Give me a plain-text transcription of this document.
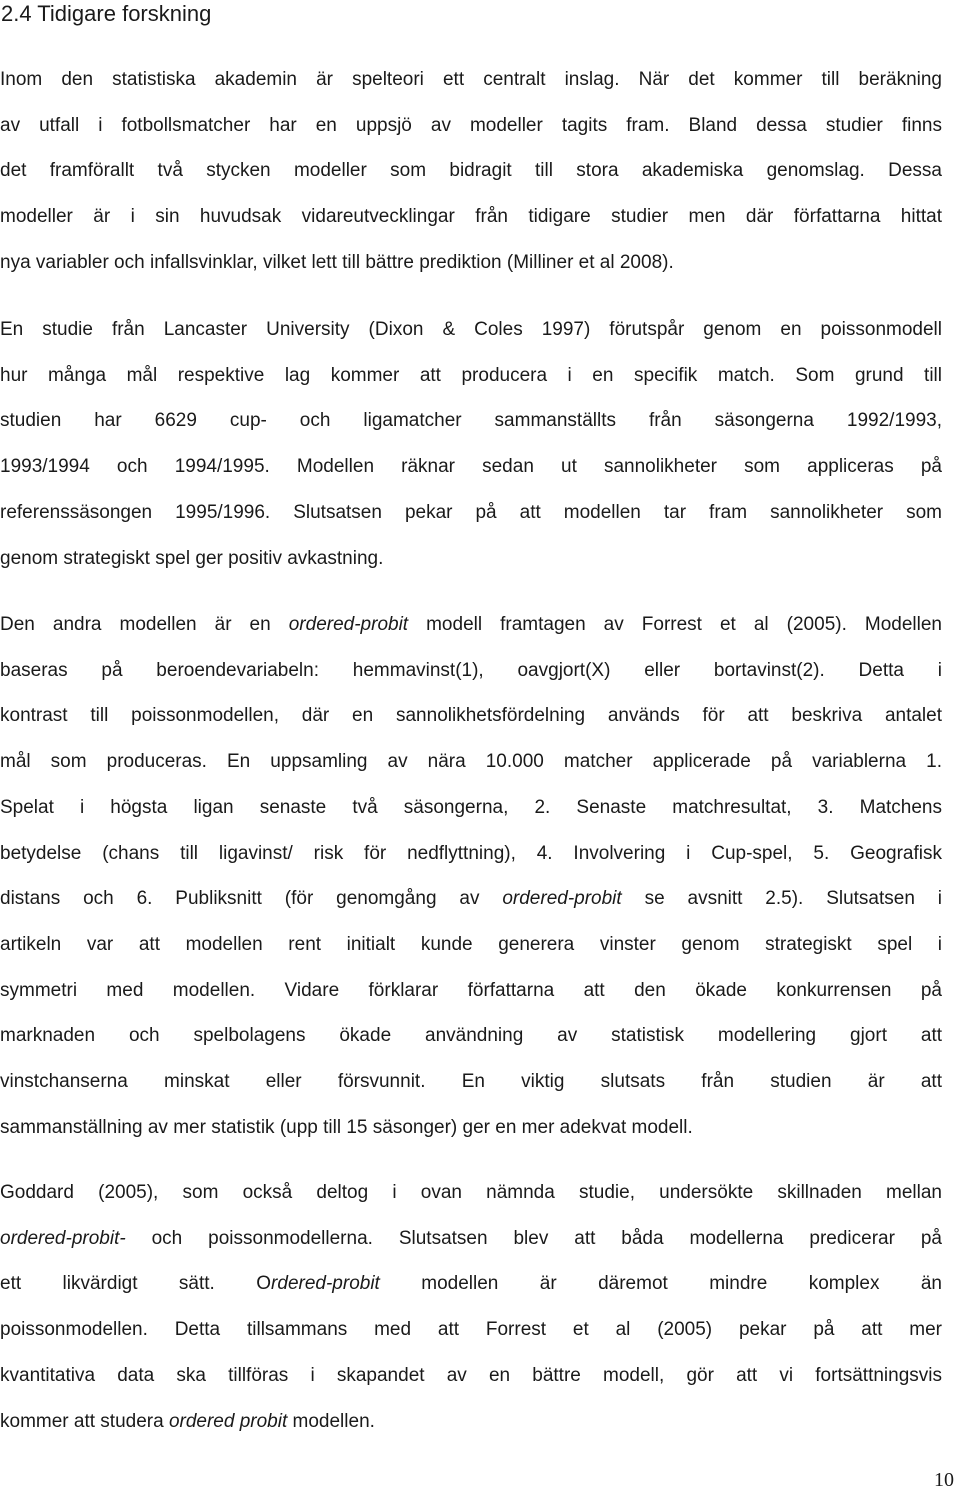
2.4 Tidigare forskning

Inom den statistiska akademin är spelteori ett centralt inslag. När det kommer till beräkning
av utfall i fotbollsmatcher har en uppsjö av modeller tagits fram. Bland dessa studier finns
det framförallt två stycken modeller som bidragit till stora akademiska genomslag. Dessa
modeller är i sin huvudsak vidareutvecklingar från tidigare studier men där författarna hittat
nya variabler och infallsvinklar, vilket lett till bättre prediktion (Milliner et al 2008).

En studie från Lancaster University (Dixon & Coles 1997) förutspår genom en poissonmodell
hur många mål respektive lag kommer att producera i en specifik match. Som grund till
studien har 6629 cup- och ligamatcher sammanställts från säsongerna 1992/1993,
1993/1994 och 1994/1995. Modellen räknar sedan ut sannolikheter som appliceras på
referenssäsongen 1995/1996. Slutsatsen pekar på att modellen tar fram sannolikheter som
genom strategiskt spel ger positiv avkastning.

Den andra modellen är en ordered-probit modell framtagen av Forrest et al (2005). Modellen
baseras på beroendevariabeln: hemmavinst(1), oavgjort(X) eller bortavinst(2). Detta i
kontrast till poissonmodellen, där en sannolikhetsfördelning används för att beskriva antalet
mål som produceras. En uppsamling av nära 10.000 matcher applicerade på variablerna 1.
Spelat i högsta ligan senaste två säsongerna, 2. Senaste matchresultat, 3. Matchens
betydelse (chans till ligavinst/ risk för nedflyttning), 4. Involvering i Cup-spel, 5. Geografisk
distans och 6. Publiksnitt (för genomgång av ordered-probit se avsnitt 2.5). Slutsatsen i
artikeln var att modellen rent initialt kunde generera vinster genom strategiskt spel i
symmetri med modellen. Vidare förklarar författarna att den ökade konkurrensen på
marknaden och spelbolagens ökade användning av statistisk modellering gjort att
vinstchanserna minskat eller försvunnit. En viktig slutsats från studien är att
sammanställning av mer statistik (upp till 15 säsonger) ger en mer adekvat modell.

Goddard (2005), som också deltog i ovan nämnda studie, undersökte skillnaden mellan
ordered-probit- och poissonmodellerna. Slutsatsen blev att båda modellerna predicerar på
ett likvärdigt sätt. Ordered-probit modellen är däremot mindre komplex än
poissonmodellen. Detta tillsammans med att Forrest et al (2005) pekar på att mer
kvantitativa data ska tillföras i skapandet av en bättre modell, gör att vi fortsättningsvis
kommer att studera ordered probit modellen.

10
